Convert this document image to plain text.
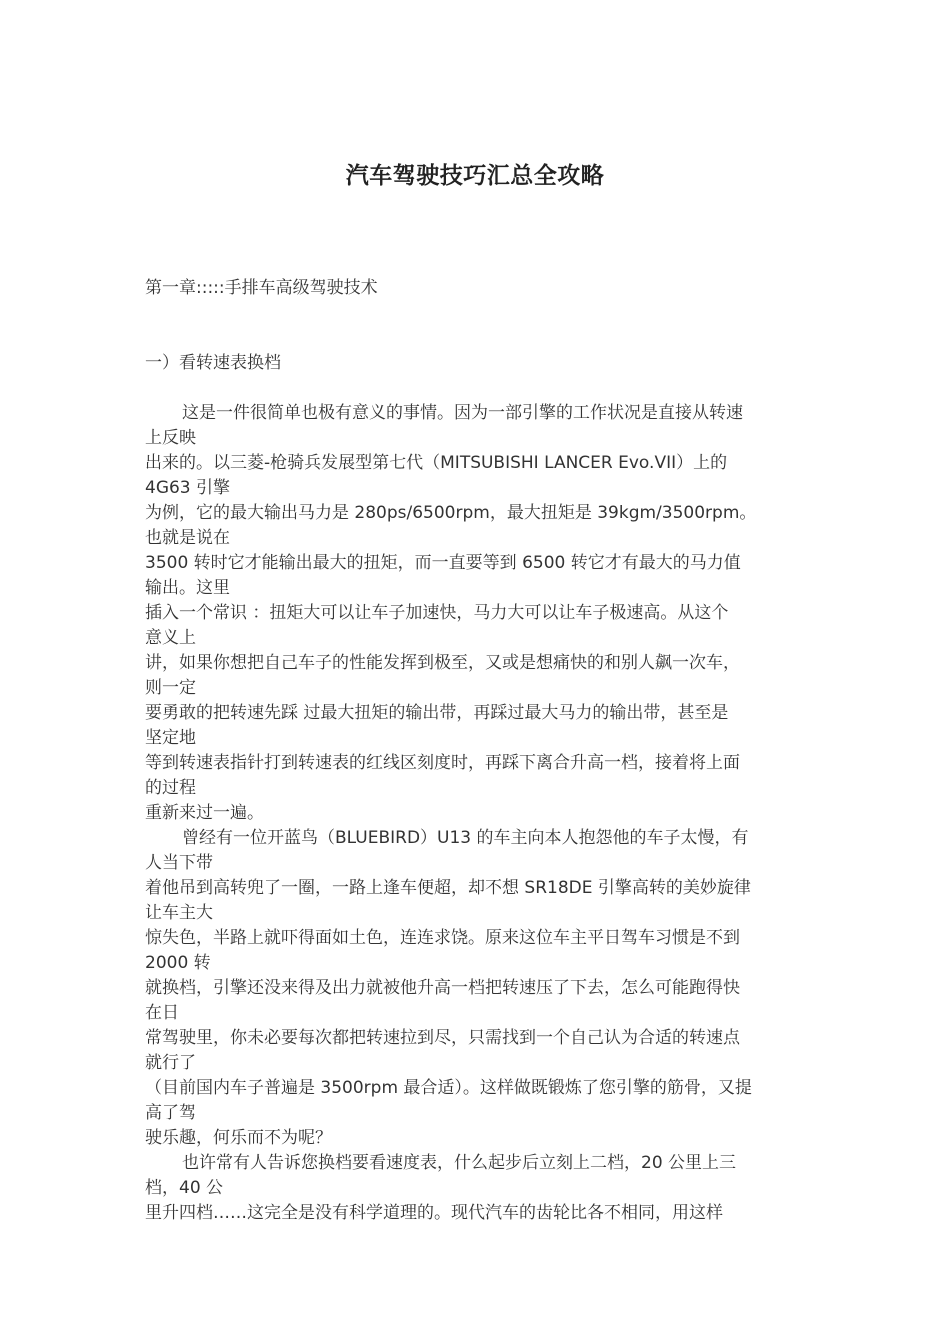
汽车驾驶技巧汇总全攻略

第一章:::::手排车高级驾驶技术

一）看转速表换档

这是一件很简单也极有意义的事情。因为一部引擎的工作状况是直接从转速
上反映
出来的。以三菱-枪骑兵发展型第七代（MITSUBISHI LANCER Evo.VII）上的
4G63 引擎
为例，它的最大输出马力是 280ps/6500rpm，最大扭矩是 39kgm/3500rpm。
也就是说在
3500 转时它才能输出最大的扭矩，而一直要等到 6500 转它才有最大的马力值
输出。这里
插入一个常识 ：扭矩大可以让车子加速快，马力大可以让车子极速高。从这个
意义上
讲，如果你想把自己车子的性能发挥到极至，又或是想痛快的和别人飙一次车，
则一定
要勇敢的把转速先踩 过最大扭矩的输出带，再踩过最大马力的输出带，甚至是
坚定地
等到转速表指针打到转速表的红线区刻度时，再踩下离合升高一档，接着将上面
的过程
重新来过一遍。
曾经有一位开蓝鸟（BLUEBIRD）U13 的车主向本人抱怨他的车子太慢，有
人当下带
着他吊到高转兜了一圈，一路上逢车便超，却不想 SR18DE 引擎高转的美妙旋律
让车主大
惊失色，半路上就吓得面如土色，连连求饶。原来这位车主平日驾车习惯是不到
2000 转
就换档，引擎还没来得及出力就被他升高一档把转速压了下去，怎么可能跑得快
在日
常驾驶里，你未必要每次都把转速拉到尽，只需找到一个自己认为合适的转速点
就行了
（目前国内车子普遍是 3500rpm 最合适）。这样做既锻炼了您引擎的筋骨，又提
高了驾
驶乐趣，何乐而不为呢？
也许常有人告诉您换档要看速度表，什么起步后立刻上二档，20 公里上三
档，40 公
里升四档……这完全是没有科学道理的。现代汽车的齿轮比各不相同，用这样
